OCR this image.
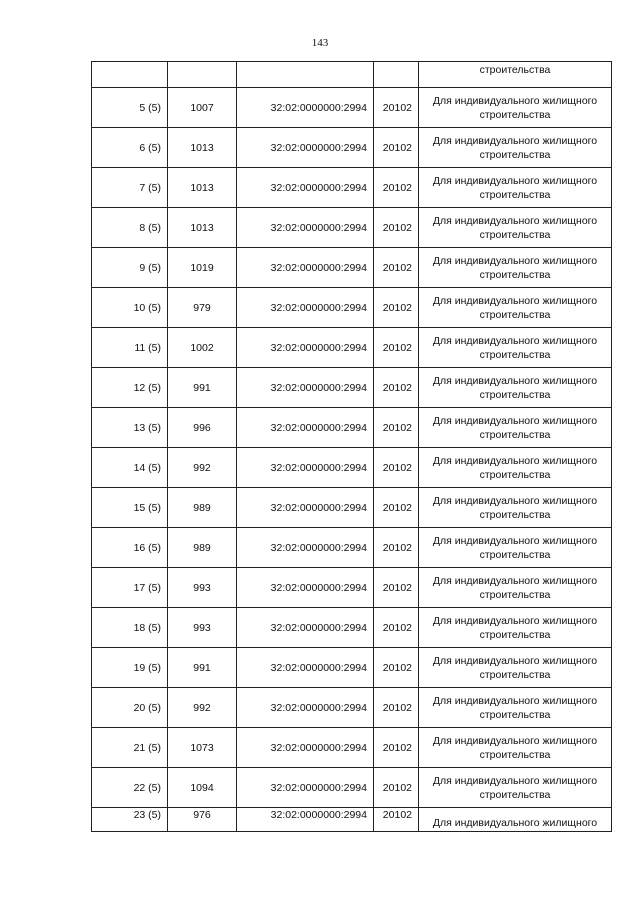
143
				строительства
5 (5)	1007	32:02:0000000:2994	20102	Для индивидуального жилищного
строительства

6 (5)	1013	32:02:0000000:2994	20102	Для индивидуального жилищного
строительства

7 (5)	1013	32:02:0000000:2994	20102	Для индивидуального жилищного
строительства

8 (5)	1013	32:02:0000000:2994	20102	Для индивидуального жилищного
строительства

9 (5)	1019	32:02:0000000:2994	20102	Для индивидуального жилищного
строительства

10 (5)	979	32:02:0000000:2994	20102	Для индивидуального жилищного
строительства

11 (5)	1002	32:02:0000000:2994	20102	Для индивидуального жилищного
строительства

12 (5)	991	32:02:0000000:2994	20102	Для индивидуального жилищного
строительства

13 (5)	996	32:02:0000000:2994	20102	Для индивидуального жилищного
строительства

14 (5)	992	32:02:0000000:2994	20102	Для индивидуального жилищного
строительства

15 (5)	989	32:02:0000000:2994	20102	Для индивидуального жилищного
строительства

16 (5)	989	32:02:0000000:2994	20102	Для индивидуального жилищного
строительства

17 (5)	993	32:02:0000000:2994	20102	Для индивидуального жилищного
строительства

18 (5)	993	32:02:0000000:2994	20102	Для индивидуального жилищного
строительства

19 (5)	991	32:02:0000000:2994	20102	Для индивидуального жилищного
строительства

20 (5)	992	32:02:0000000:2994	20102	Для индивидуального жилищного
строительства

21 (5)	1073	32:02:0000000:2994	20102	Для индивидуального жилищного
строительства

22 (5)	1094	32:02:0000000:2994	20102	Для индивидуального жилищного
строительства

23 (5)	976	32:02:0000000:2994	20102	Для индивидуального жилищного
